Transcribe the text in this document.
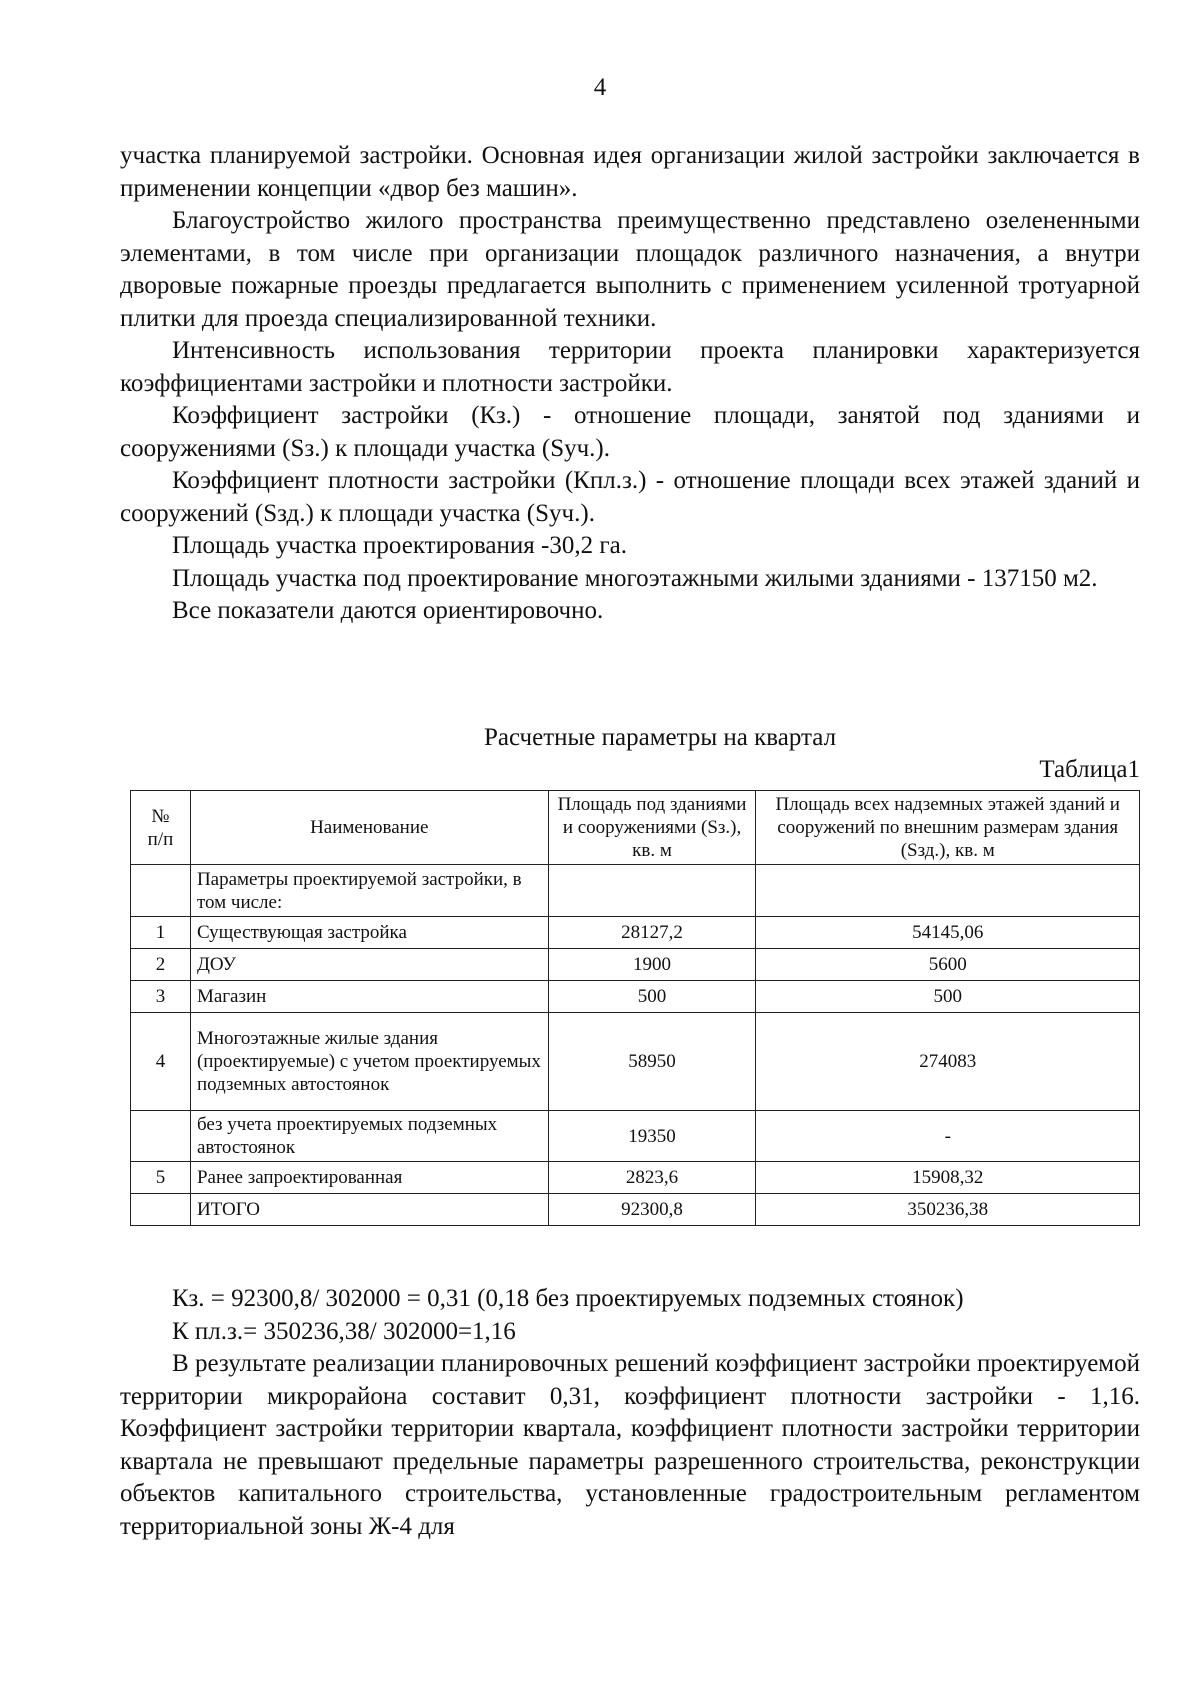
4

участка планируемой застройки. Основная идея организации жилой застройки заключается в применении концепции «двор без машин».

Благоустройство жилого пространства преимущественно представлено озелененными элементами, в том числе при организации площадок различного назначения, а внутри дворовые пожарные проезды предлагается выполнить с применением усиленной тротуарной плитки для проезда специализированной техники.

Интенсивность использования территории проекта планировки характеризуется коэффициентами застройки и плотности застройки.

Коэффициент застройки (Кз.) - отношение площади, занятой под зданиями и сооружениями (Sз.) к площади участка (Sуч.).

Коэффициент плотности застройки (Кпл.з.) - отношение площади всех этажей зданий и сооружений (Sзд.) к площади участка (Sуч.).

Площадь участка проектирования -30,2 га.

Площадь участка под проектирование многоэтажными жилыми зданиями - 137150 м2.

Все показатели даются ориентировочно.

Расчетные параметры на квартал
Таблица1
№
п/п	Наименование	Площадь под зданиями и сооружениями (Sз.), кв. м	Площадь всех надземных этажей зданий и сооружений по внешним размерам здания (Sзд.), кв. м
	Параметры проектируемой застройки, в том числе:		
1	Существующая застройка	28127,2	54145,06
2	ДОУ	1900	5600
3	Магазин	500	500
4	Многоэтажные жилые здания (проектируемые) с учетом проектируемых подземных автостоянок	58950	274083
	без учета проектируемых подземных автостоянок	19350	-
5	Ранее запроектированная	2823,6	15908,32
	ИТОГО	92300,8	350236,38

Кз. = 92300,8/ 302000 = 0,31 (0,18 без проектируемых подземных стоянок)

К пл.з.= 350236,38/ 302000=1,16

В результате реализации планировочных решений коэффициент застройки проектируемой территории микрорайона составит 0,31, коэффициент плотности застройки - 1,16. Коэффициент застройки территории квартала, коэффициент плотности застройки территории квартала не превышают предельные параметры разрешенного строительства, реконструкции объектов капитального строительства, установленные градостроительным регламентом территориальной зоны Ж-4 для
